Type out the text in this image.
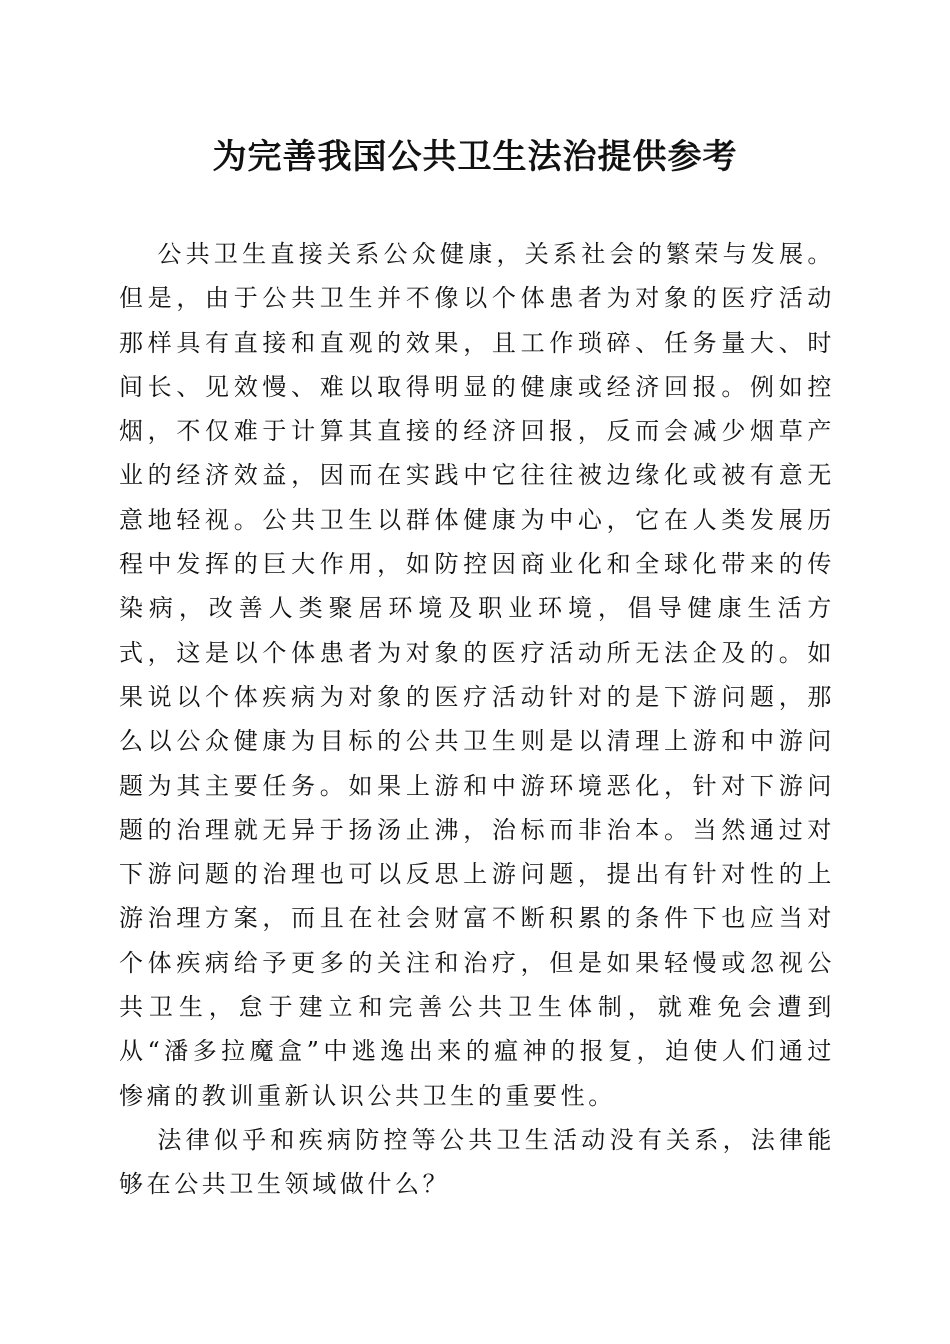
为完善我国公共卫生法治提供参考

公共卫生直接关系公众健康，关系社会的繁荣与发展。但是，由于公共卫生并不像以个体患者为对象的医疗活动那样具有直接和直观的效果，且工作琐碎、任务量大、时间长、见效慢、难以取得明显的健康或经济回报。例如控烟，不仅难于计算其直接的经济回报，反而会减少烟草产业的经济效益，因而在实践中它往往被边缘化或被有意无意地轻视。公共卫生以群体健康为中心，它在人类发展历程中发挥的巨大作用，如防控因商业化和全球化带来的传染病，改善人类聚居环境及职业环境，倡导健康生活方式，这是以个体患者为对象的医疗活动所无法企及的。如果说以个体疾病为对象的医疗活动针对的是下游问题，那么以公众健康为目标的公共卫生则是以清理上游和中游问题为其主要任务。如果上游和中游环境恶化，针对下游问题的治理就无异于扬汤止沸，治标而非治本。当然通过对下游问题的治理也可以反思上游问题，提出有针对性的上游治理方案，而且在社会财富不断积累的条件下也应当对个体疾病给予更多的关注和治疗，但是如果轻慢或忽视公共卫生，怠于建立和完善公共卫生体制，就难免会遭到从“潘多拉魔盒”中逃逸出来的瘟神的报复，迫使人们通过惨痛的教训重新认识公共卫生的重要性。

法律似乎和疾病防控等公共卫生活动没有关系，法律能够在公共卫生领域做什么？
